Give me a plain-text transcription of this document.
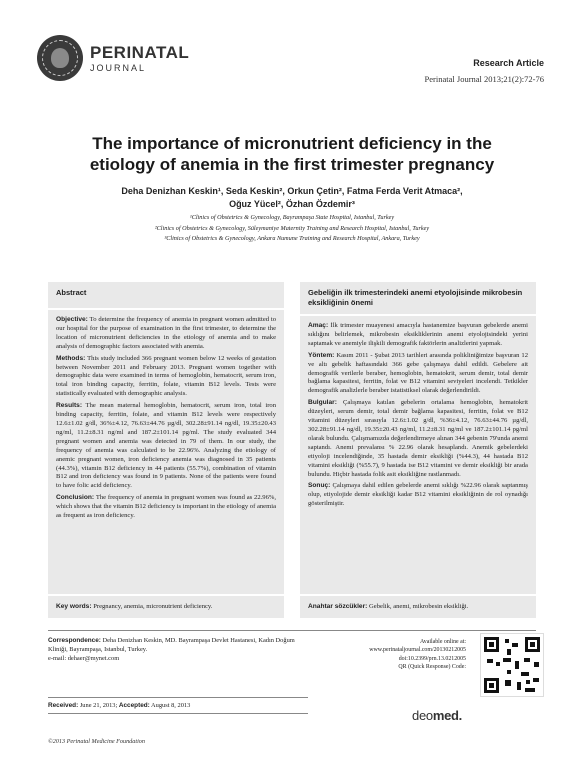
PERINATAL
JOURNAL	Research Article
Perinatal Journal 2013;21(2):72-76
The importance of micronutrient deficiency in the
etiology of anemia in the first trimester pregnancy
Deha Denizhan Keskin¹, Seda Keskin², Orkun Çetin², Fatma Ferda Verit Atmaca²,
Oğuz Yücel², Özhan Özdemir³
¹Clinics of Obstetrics & Gynecology, Bayrampaşa State Hospital, Istanbul, Turkey
²Clinics of Obstetrics & Gynecology, Süleymaniye Maternity Training and Research Hospital, Istanbul, Turkey
³Clinics of Obstetrics & Gynecology, Ankara Numune Training and Research Hospital, Ankara, Turkey
Abstract

Objective: To determine the frequency of anemia in pregnant women admitted to our hospital for the purpose of examination in the first trimester, to determine the location of micronutrient deficiencies in the etiology of anemia and to make analysis of demographic factors associated with anemia.

Methods: This study included 366 pregnant women below 12 weeks of gestation between November 2011 and February 2013. Pregnant women together with demographic data were examined in terms of hemoglobin, hematocrit, serum iron, total iron binding capacity, ferritin, folate, vitamin B12 levels. Tests were statistically evaluated with demographic analysis.

Results: The mean maternal hemoglobin, hematocrit, serum iron, total iron binding capacity, ferritin, folate, and vitamin B12 levels were respectively 12.6±1.02 g/dl, 36%±4.12, 76.63±44.76 µg/dl, 302.28±91.14 ng/dl, 19.35±20.43 ng/ml, 11.2±8.31 ng/ml and 187.2±101.14 pg/ml. The study evaluated 344 pregnant women and anemia was detected in 79 of them. In our study, the frequency of anemia was calculated to be 22.96%. Analyzing the etiology of anemic pregnant women, iron deficiency anemia was diagnosed in 35 patients (44.3%), vitamin B12 deficiency in 44 patients (55.7%), combination of vitamin B12 and iron deficiency was found in 9 patients. None of the patients were found to have folic acid deficiency.

Conclusion: The frequency of anemia in pregnant women was found as 22.96%, which shows that the vitamin B12 deficiency is important in the etiology of anemia as frequent as iron deficiency.

Key words: Pregnancy, anemia, micronutrient deficiency.
Gebeliğin ilk trimesterindeki anemi etyolojisinde mikrobesin eksikliğinin önemi

Amaç: İlk trimester muayenesi amacıyla hastanemize başvuran gebelerde anemi sıklığını belirlemek, mikrobesin eksikliklerinin anemi etyolojisindeki yerini saptamak ve anemiyle ilişkili demografik faktörlerin analizlerini yapmak.

Yöntem: Kasım 2011 - Şubat 2013 tarihleri arasında polikliniğimize başvuran 12 ve altı gebelik haftasındaki 366 gebe çalışmaya dahil edildi. Gebelere ait demografik verilerle beraber, hemoglobin, hematokrit, serum demir, total demir bağlama kapasitesi, ferritin, folat ve B12 vitamini seviyeleri incelendi. Tetkikler demografik analizlerle beraber istatistiksel olarak değerlendirildi.

Bulgular: Çalışmaya katılan gebelerin ortalama hemoglobin, hematokrit düzeyleri, serum demir, total demir bağlama kapasitesi, ferritin, folat ve B12 vitamini düzeyleri sırasıyla 12.6±1.02 g/dl, %36±4.12, 76.63±44.76 µg/dl, 302.28±91.14 ng/dl, 19.35±20.43 ng/ml, 11.2±8.31 ng/ml ve 187.2±101.14 pg/ml olarak bulundu. Çalışmamızda değerlendirmeye alınan 344 gebenin 79'unda anemi saptandı. Anemi prevalansı % 22.96 olarak hesaplandı. Anemik gebelerdeki etiyoloji incelendiğinde, 35 hastada demir eksikliği (%44.3), 44 hastada B12 vitamini eksikliği (%55.7), 9 hastada ise B12 vitamini ve demir eksikliği bir arada bulundu. Hiçbir hastada folik asit eksikliğine rastlanmadı.

Sonuç: Çalışmaya dahil edilen gebelerde anemi sıklığı %22.96 olarak saptanmış olup, etiyolojide demir eksikliği kadar B12 vitamini eksikliğinin de rol oynadığı gösterilmiştir.

Anahtar sözcükler: Gebelik, anemi, mikrobesin eksikliği.
Correspondence: Deha Denizhan Keskin, MD. Bayrampaşa Devlet Hastanesi, Kadın Doğum Kliniği, Bayrampaşa, Istanbul, Turkey.
e-mail: dehaer@mynet.com
Received: June 21, 2013; Accepted: August 8, 2013
Available online at:
www.perinataljournal.com/20130212005
doi:10.2399/prn.13.0212005
QR (Quick Response) Code:
deomed.
©2013 Perinatal Medicine Foundation
